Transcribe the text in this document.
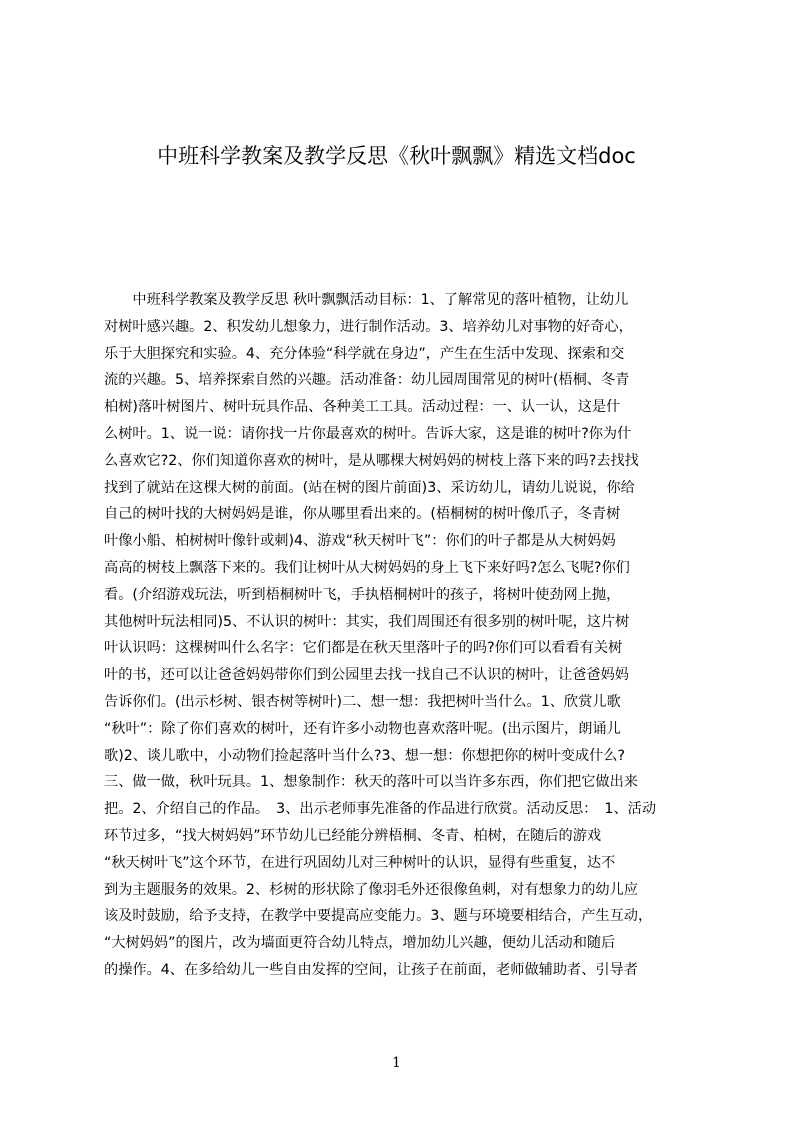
中班科学教案及教学反思《秋叶飘飘》精选文档doc
　　中班科学教案及教学反思 秋叶飘飘活动目标：1、了解常见的落叶植物，让幼儿
对树叶感兴趣。2、积发幼儿想象力，进行制作活动。3、培养幼儿对事物的好奇心，
乐于大胆探究和实验。4、充分体验“科学就在身边”，产生在生活中发现、探索和交
流的兴趣。5、培养探索自然的兴趣。活动准备：幼儿园周围常见的树叶(梧桐、冬青
柏树)落叶树图片、树叶玩具作品、各种美工工具。活动过程：一、认一认，这是什
么树叶。1、说一说：请你找一片你最喜欢的树叶。告诉大家，这是谁的树叶?你为什
么喜欢它?2、你们知道你喜欢的树叶，是从哪棵大树妈妈的树枝上落下来的吗?去找找
找到了就站在这棵大树的前面。(站在树的图片前面)3、采访幼儿，请幼儿说说，你给
自己的树叶找的大树妈妈是谁，你从哪里看出来的。(梧桐树的树叶像爪子，冬青树
叶像小船、柏树树叶像针或刺)4、游戏“秋天树叶飞”：你们的叶子都是从大树妈妈
高高的树枝上飘落下来的。我们让树叶从大树妈妈的身上飞下来好吗?怎么飞呢?你们
看。(介绍游戏玩法，听到梧桐树叶飞，手执梧桐树叶的孩子，将树叶使劲网上抛，
其他树叶玩法相同)5、不认识的树叶：其实，我们周围还有很多别的树叶呢，这片树
叶认识吗：这棵树叫什么名字：它们都是在秋天里落叶子的吗?你们可以看看有关树
叶的书，还可以让爸爸妈妈带你们到公园里去找一找自己不认识的树叶，让爸爸妈妈
告诉你们。(出示杉树、银杏树等树叶)二、想一想：我把树叶当什么。1、欣赏儿歌
“秋叶”：除了你们喜欢的树叶，还有许多小动物也喜欢落叶呢。(出示图片，朗诵儿
歌)2、谈儿歌中，小动物们捡起落叶当什么?3、想一想：你想把你的树叶变成什么?
三、做一做，秋叶玩具。1、想象制作：秋天的落叶可以当许多东西，你们把它做出来
把。2、介绍自己的作品。　3、出示老师事先准备的作品进行欣赏。活动反思：　1、活动
环节过多，“找大树妈妈”环节幼儿已经能分辨梧桐、冬青、柏树，在随后的游戏
“秋天树叶飞”这个环节，在进行巩固幼儿对三种树叶的认识，显得有些重复，达不
到为主题服务的效果。2、杉树的形状除了像羽毛外还很像鱼刺，对有想象力的幼儿应
该及时鼓励，给予支持，在教学中要提高应变能力。3、题与环境要相结合，产生互动，
“大树妈妈”的图片，改为墙面更符合幼儿特点，增加幼儿兴趣，便幼儿活动和随后
的操作。4、在多给幼儿一些自由发挥的空间，让孩子在前面，老师做辅助者、引导者
1
